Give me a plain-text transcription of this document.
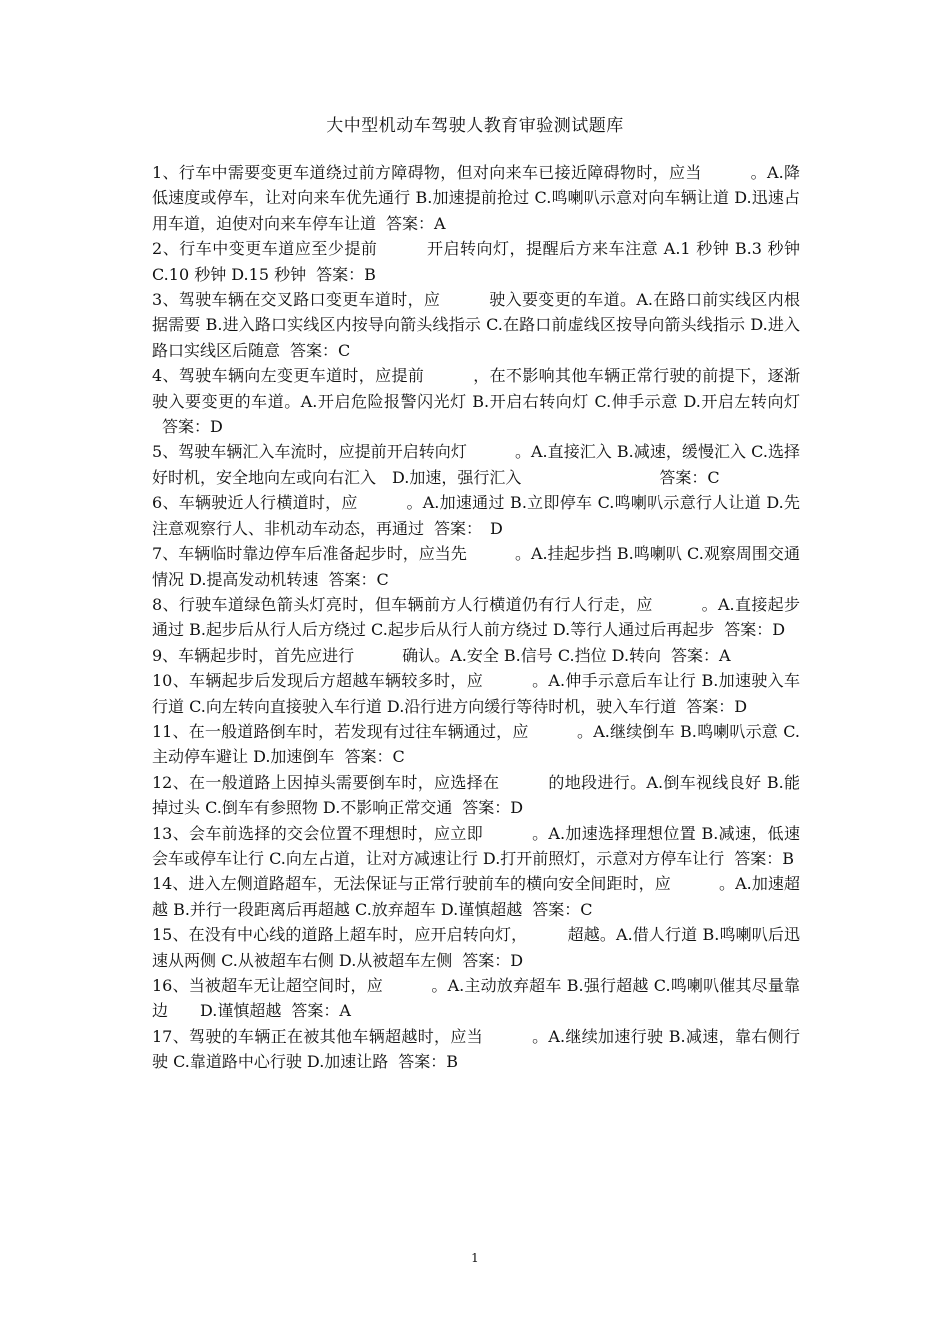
大中型机动车驾驶人教育审验测试题库

1、行车中需要变更车道绕过前方障碍物，但对向来车已接近障碍物时，应当　　　。A.降低速度或停车，让对向来车优先通行 B.加速提前抢过 C.鸣喇叭示意对向车辆让道 D.迅速占用车道，迫使对向来车停车让道 答案：A

2、行车中变更车道应至少提前　　　开启转向灯，提醒后方来车注意 A.1 秒钟 B.3 秒钟 C.10 秒钟 D.15 秒钟 答案：B

3、驾驶车辆在交叉路口变更车道时，应　　　驶入要变更的车道。A.在路口前实线区内根据需要 B.进入路口实线区内按导向箭头线指示 C.在路口前虚线区按导向箭头线指示 D.进入路口实线区后随意 答案：C

4、驾驶车辆向左变更车道时，应提前　　　，在不影响其他车辆正常行驶的前提下，逐渐驶入要变更的车道。A.开启危险报警闪光灯 B.开启右转向灯 C.伸手示意 D.开启左转向灯答案：D

5、驾驶车辆汇入车流时，应提前开启转向灯　　　。A.直接汇入 B.减速，缓慢汇入 C.选择好时机，安全地向左或向右汇入　D.加速，强行汇入　　　　　　　　答案：C

6、车辆驶近人行横道时，应　　　。A.加速通过 B.立即停车 C.鸣喇叭示意行人让道 D.先注意观察行人、非机动车动态，再通过 答案：　D

7、车辆临时靠边停车后准备起步时，应当先　　　。A.挂起步挡 B.鸣喇叭 C.观察周围交通情况 D.提高发动机转速 答案：C

8、行驶车道绿色箭头灯亮时，但车辆前方人行横道仍有行人行走，应　　　。A.直接起步通过 B.起步后从行人后方绕过 C.起步后从行人前方绕过 D.等行人通过后再起步 答案：D

9、车辆起步时，首先应进行　　　确认。A.安全 B.信号 C.挡位 D.转向 答案：A

10、车辆起步后发现后方超越车辆较多时，应　　　。A.伸手示意后车让行 B.加速驶入车行道 C.向左转向直接驶入车行道 D.沿行进方向缓行等待时机，驶入车行道 答案：D

11、在一般道路倒车时，若发现有过往车辆通过，应　　　。A.继续倒车 B.鸣喇叭示意 C.主动停车避让 D.加速倒车 答案：C

12、在一般道路上因掉头需要倒车时，应选择在　　　的地段进行。A.倒车视线良好 B.能掉过头 C.倒车有参照物 D.不影响正常交通 答案：D

13、会车前选择的交会位置不理想时，应立即　　　。A.加速选择理想位置 B.减速，低速会车或停车让行 C.向左占道，让对方减速让行 D.打开前照灯，示意对方停车让行 答案：B

14、进入左侧道路超车，无法保证与正常行驶前车的横向安全间距时，应　　　。A.加速超越 B.并行一段距离后再超越 C.放弃超车 D.谨慎超越 答案：C

15、在没有中心线的道路上超车时，应开启转向灯，　　　超越。A.借人行道 B.鸣喇叭后迅速从两侧 C.从被超车右侧 D.从被超车左侧 答案：D

16、当被超车无让超空间时，应　　　。A.主动放弃超车 B.强行超越 C.鸣喇叭催其尽量靠边　　D.谨慎超越 答案：A

17、驾驶的车辆正在被其他车辆超越时，应当　　　。A.继续加速行驶 B.减速，靠右侧行驶 C.靠道路中心行驶 D.加速让路 答案：B

1
